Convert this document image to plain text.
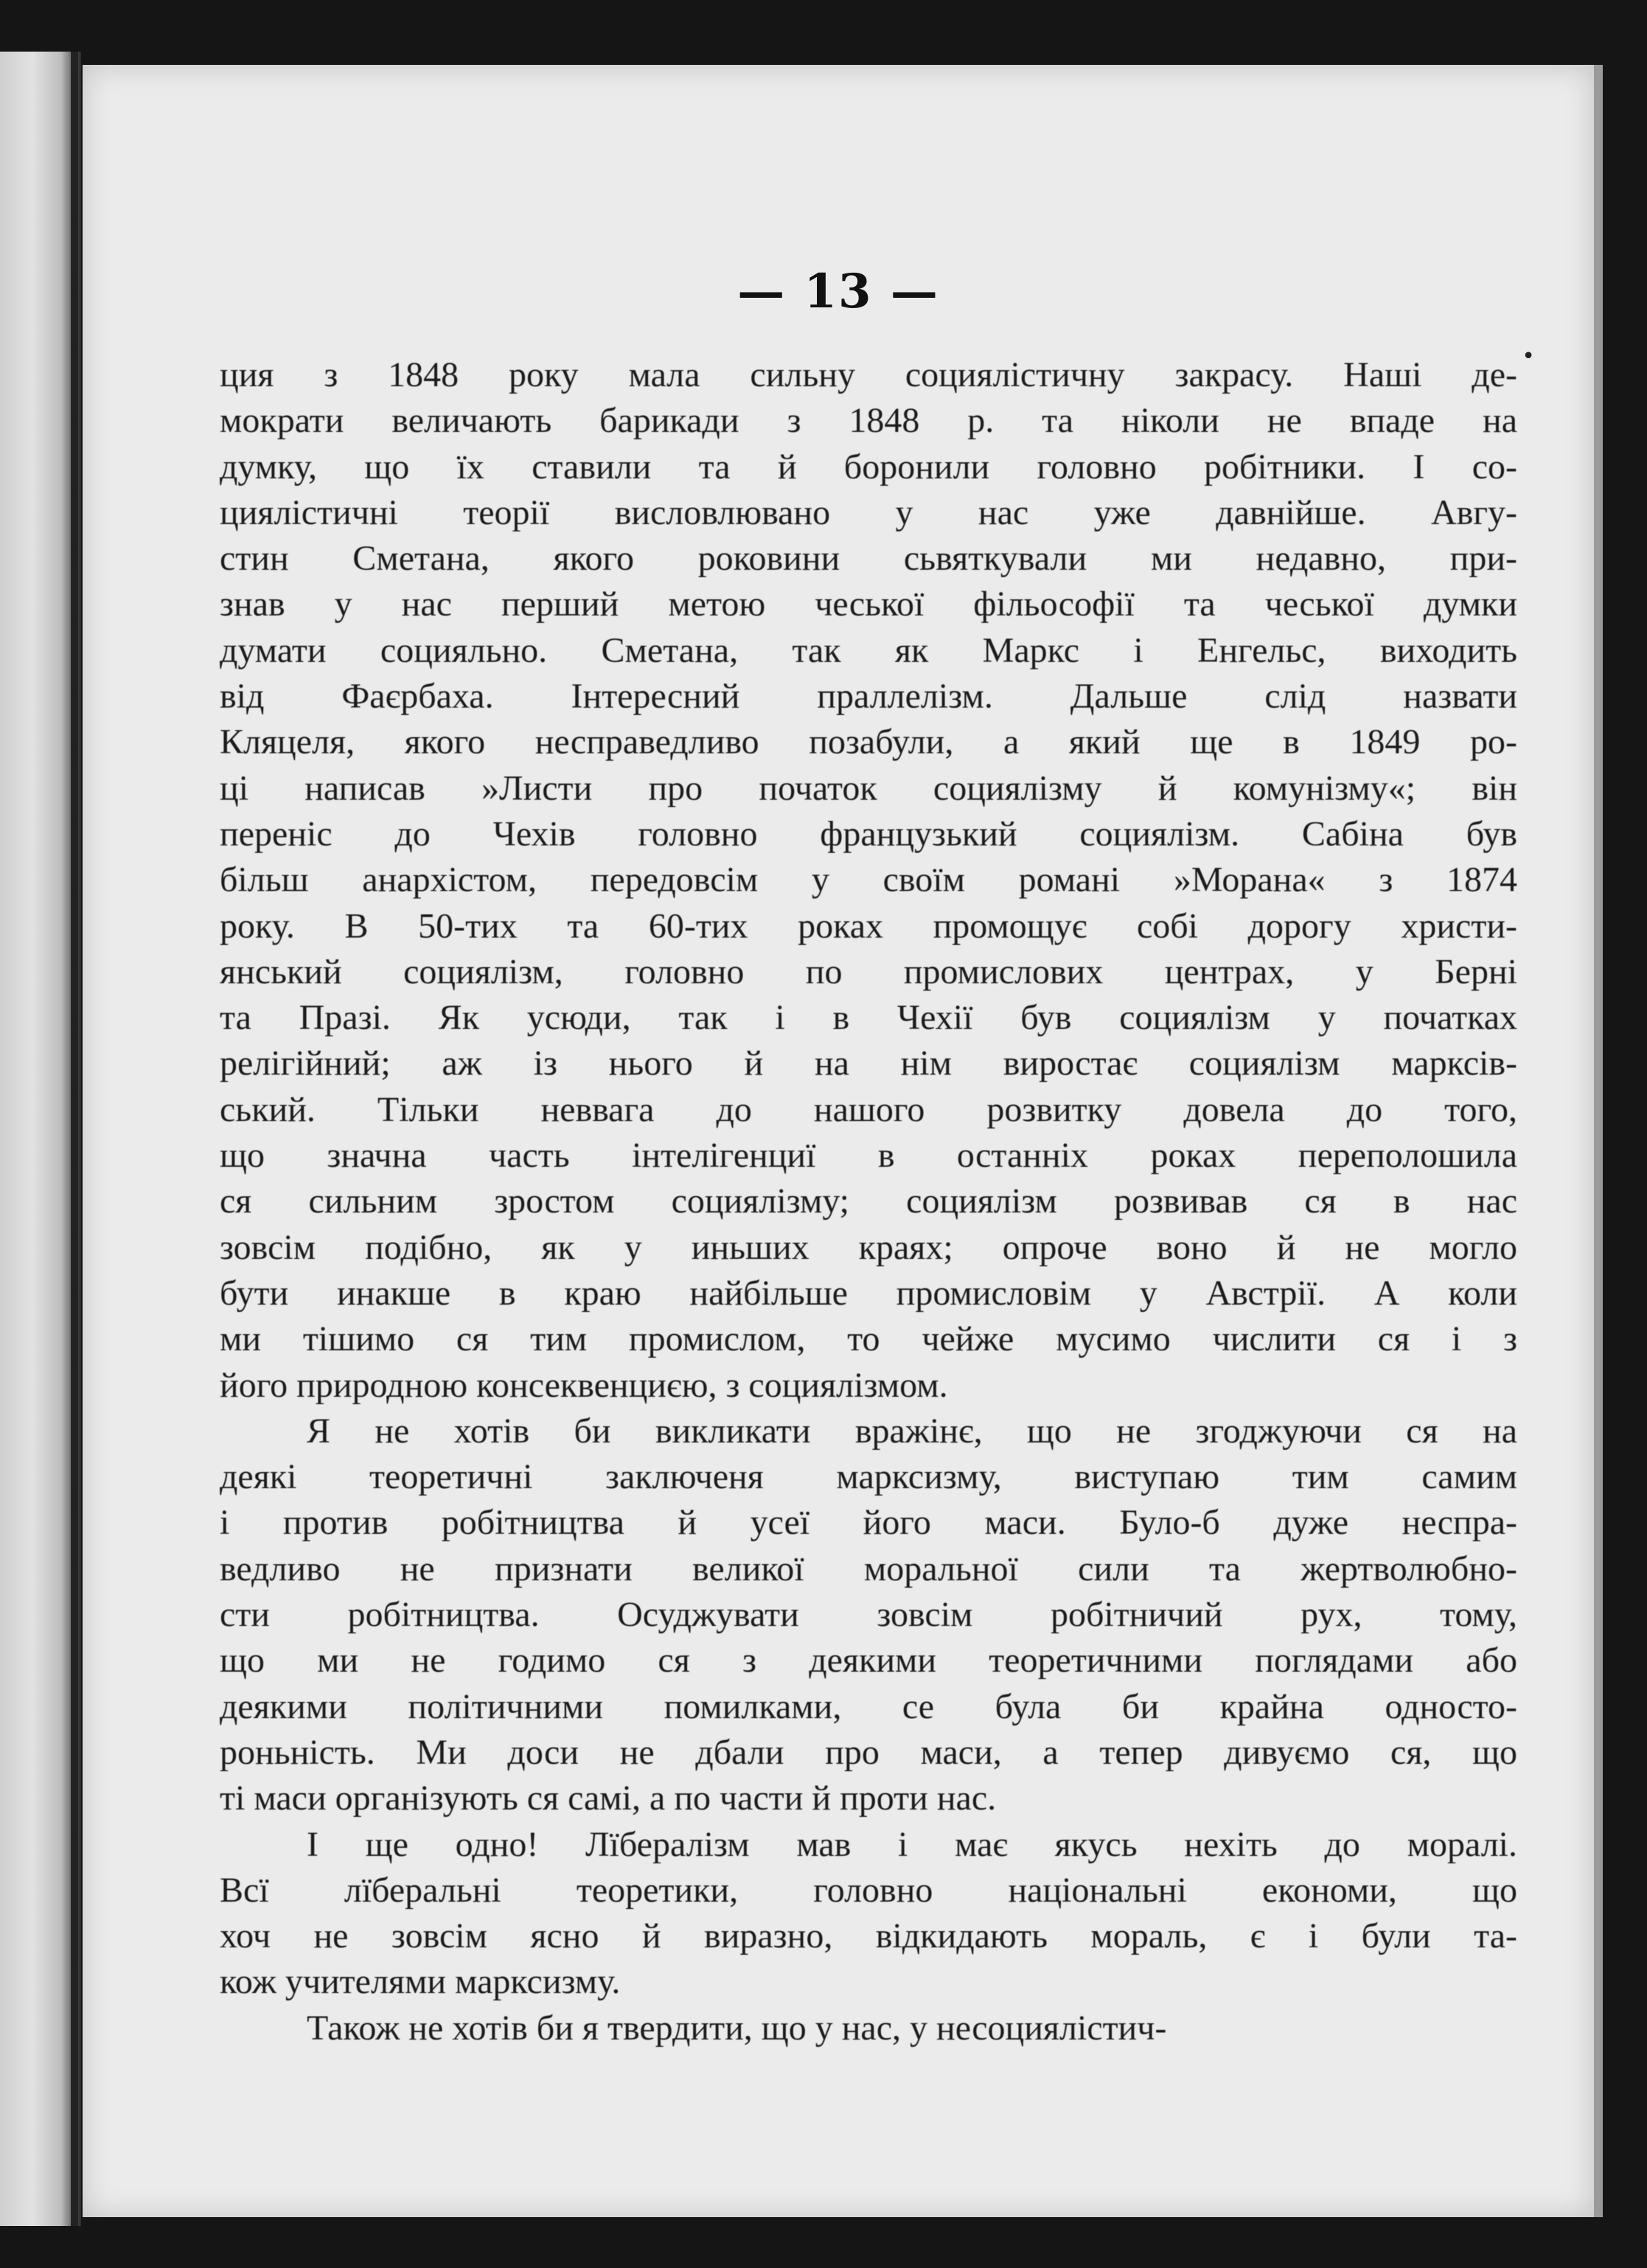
— 13 —
•
ция з 1848 року мала сильну социялістичну закрасу. Наші де-
мократи величають барикади з 1848 р. та ніколи не впаде на
думку, що їх ставили та й боронили головно робітники. І со-
циялістичні теорії висловлювано у нас уже давнійше. Авгу-
стин Сметана, якого роковини сьвяткували ми недавно, при-
знав у нас перший метою чеської фільософії та чеської думки
думати социяльно. Сметана, так як Маркс і Енгельс, виходить
від Фаєрбаха. Інтересний праллелізм. Дальше слід назвати
Кляцеля, якого несправедливо позабули, а який ще в 1849 ро-
ці написав »Листи про початок социялізму й комунізму«; він
переніс до Чехів головно французький социялізм. Сабіна був
більш анархістом, передовсім у своїм романі »Морана« з 1874
року. В 50-тих та 60-тих роках промощує собі дорогу христи-
янський социялізм, головно по промислових центрах, у Берні
та Празі. Як усюди, так і в Чехії був социялізм у початках
релігійний; аж із нього й на нім виростає социялізм марксів-
ський. Тільки неввага до нашого розвитку довела до того,
що значна часть інтелігенциї в останніх роках переполошила
ся сильним зростом социялізму; социялізм розвивав ся в нас
зовсім подібно, як у иньших краях; опроче воно й не могло
бути инакше в краю найбільше промисловім у Австрії. А коли
ми тішимо ся тим промислом, то чейже мусимо числити ся і з
його природною консеквенциєю, з социялізмом.
Я не хотів би викликати вражінє, що не згоджуючи ся на
деякі теоретичні заключеня марксизму, виступаю тим самим
і против робітництва й усеї його маси. Було-б дуже неспра-
ведливо не признати великої моральної сили та жертволюбно-
сти робітництва. Осуджувати зовсім робітничий рух, тому,
що ми не годимо ся з деякими теоретичними поглядами або
деякими політичними помилками, се була би крайна односто-
роньність. Ми доси не дбали про маси, а тепер дивуємо ся, що
ті маси організують ся самі, а по части й проти нас.
І ще одно! Лїбералізм мав і має якусь нехіть до моралі.
Всї лїберальні теоретики, головно національні економи, що
хоч не зовсім ясно й виразно, відкидають мораль, є і були та-
кож учителями марксизму.
Також не хотів би я твердити, що у нас, у несоциялістич-
